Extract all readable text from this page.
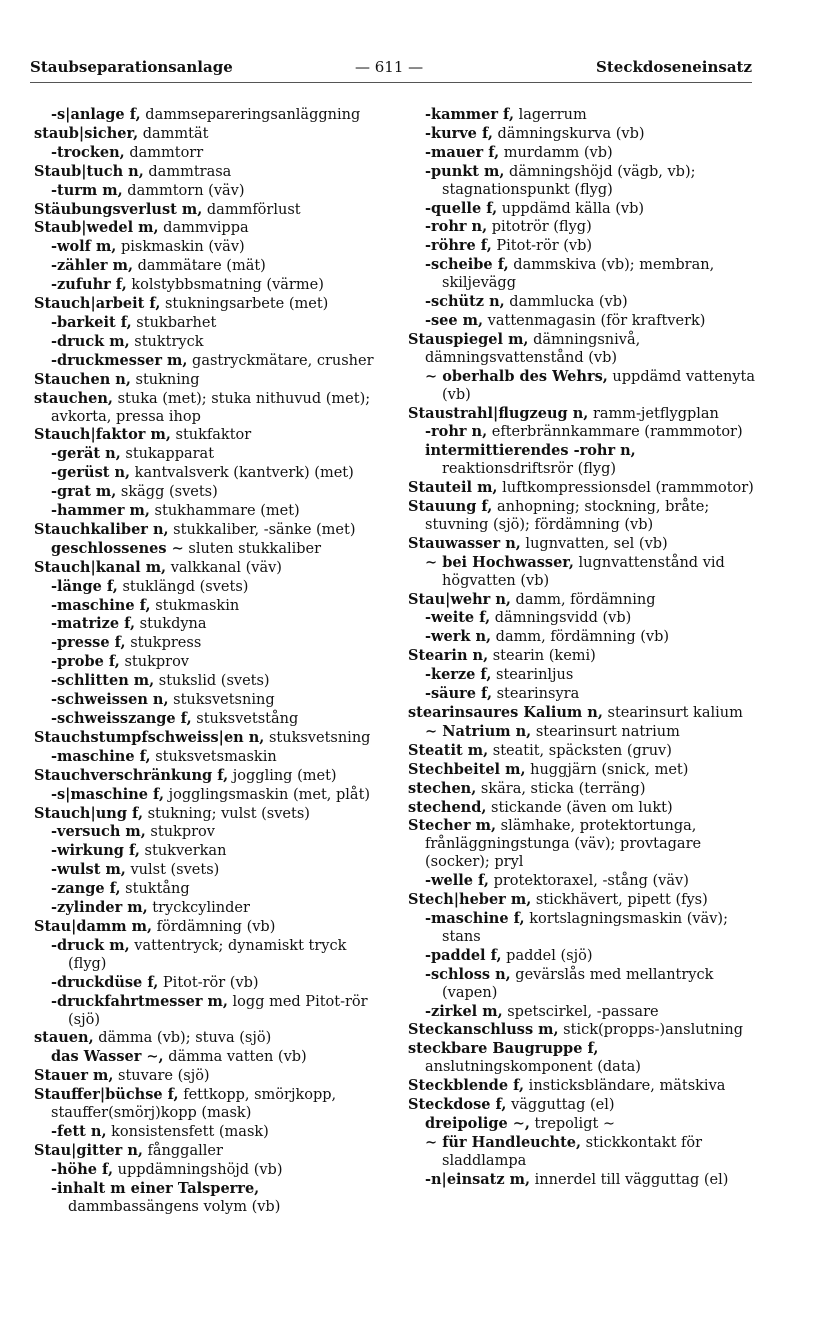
Staubseparationsanlage	— 611 —	Steckdoseneinsatz

-s|anlage f, dammsepareringsanläggning

staub|sicher, dammtät

-trocken, dammtorr

Staub|tuch n, dammtrasa

-turm m, dammtorn (väv)

Stäubungsverlust m, dammförlust

Staub|wedel m, dammvippa

-wolf m, piskmaskin (väv)

-zähler m, dammätare (mät)

-zufuhr f, kolstybbsmatning (värme)

Stauch|arbeit f, stukningsarbete (met)

-barkeit f, stukbarhet

-druck m, stuktryck

-druckmesser m, gastryckmätare, crusher

Stauchen n, stukning

stauchen, stuka (met); stuka nithuvud (met); avkorta, pressa ihop

Stauch|faktor m, stukfaktor

-gerät n, stukapparat

-gerüst n, kantvalsverk (kantverk) (met)

-grat m, skägg (svets)

-hammer m, stukhammare (met)

Stauchkaliber n, stukkaliber, -sänke (met)

geschlossenes ∼ sluten stukkaliber

Stauch|kanal m, valkkanal (väv)

-länge f, stuklängd (svets)

-maschine f, stukmaskin

-matrize f, stukdyna

-presse f, stukpress

-probe f, stukprov

-schlitten m, stukslid (svets)

-schweissen n, stuksvetsning

-schweisszange f, stuksvetstång

Stauchstumpfschweiss|en n, stuksvetsning

-maschine f, stuksvetsmaskin

Stauchverschränkung f, joggling (met)

-s|maschine f, jogglingsmaskin (met, plåt)

Stauch|ung f, stukning; vulst (svets)

-versuch m, stukprov

-wirkung f, stukverkan

-wulst m, vulst (svets)

-zange f, stuktång

-zylinder m, tryckcylinder

Stau|damm m, fördämning (vb)

-druck m, vattentryck; dynamiskt tryck (flyg)

-druckdüse f, Pitot-rör (vb)

-druckfahrtmesser m, logg med Pitot-rör (sjö)

stauen, dämma (vb); stuva (sjö)

das Wasser ∼, dämma vatten (vb)

Stauer m, stuvare (sjö)

Stauffer|büchse f, fettkopp, smörjkopp, stauffer(smörj)kopp (mask)

-fett n, konsistensfett (mask)

Stau|gitter n, fånggaller

-höhe f, uppdämningshöjd (vb)

-inhalt m einer Talsperre, dammbassängens volym (vb)

-kammer f, lagerrum

-kurve f, dämningskurva (vb)

-mauer f, murdamm (vb)

-punkt m, dämningshöjd (vägb, vb); stagnationspunkt (flyg)

-quelle f, uppdämd källa (vb)

-rohr n, pitotrör (flyg)

-röhre f, Pitot-rör (vb)

-scheibe f, dammskiva (vb); membran, skiljevägg

-schütz n, dammlucka (vb)

-see m, vattenmagasin (för kraftverk)

Stauspiegel m, dämningsnivå, dämningsvattenstånd (vb)

∼ oberhalb des Wehrs, uppdämd vattenyta (vb)

Staustrahl|flugzeug n, ramm-jetflygplan

-rohr n, efterbrännkammare (rammmotor)

intermittierendes -rohr n, reaktionsdriftsrör (flyg)

Stauteil m, luftkompressionsdel (rammmotor)

Stauung f, anhopning; stockning, bråte; stuvning (sjö); fördämning (vb)

Stauwasser n, lugnvatten, sel (vb)

∼ bei Hochwasser, lugnvattenstånd vid högvatten (vb)

Stau|wehr n, damm, fördämning

-weite f, dämningsvidd (vb)

-werk n, damm, fördämning (vb)

Stearin n, stearin (kemi)

-kerze f, stearinljus

-säure f, stearinsyra

stearinsaures Kalium n, stearinsurt kalium

∼ Natrium n, stearinsurt natrium

Steatit m, steatit, späcksten (gruv)

Stechbeitel m, huggjärn (snick, met)

stechen, skära, sticka (terräng)

stechend, stickande (även om lukt)

Stecher m, slämhake, protektortunga, frånläggningstunga (väv); provtagare (socker); pryl

-welle f, protektoraxel, -stång (väv)

Stech|heber m, stickhävert, pipett (fys)

-maschine f, kortslagningsmaskin (väv); stans

-paddel f, paddel (sjö)

-schloss n, gevärslås med mellantryck (vapen)

-zirkel m, spetscirkel, -passare

Steckanschluss m, stick(propps-)anslutning

steckbare Baugruppe f, anslutningskomponent (data)

Steckblende f, insticksbländare, mätskiva

Steckdose f, vägguttag (el)

dreipolige ∼, trepoligt ∼

∼ für Handleuchte, stickkontakt för sladdlampa

-n|einsatz m, innerdel till vägguttag (el)
